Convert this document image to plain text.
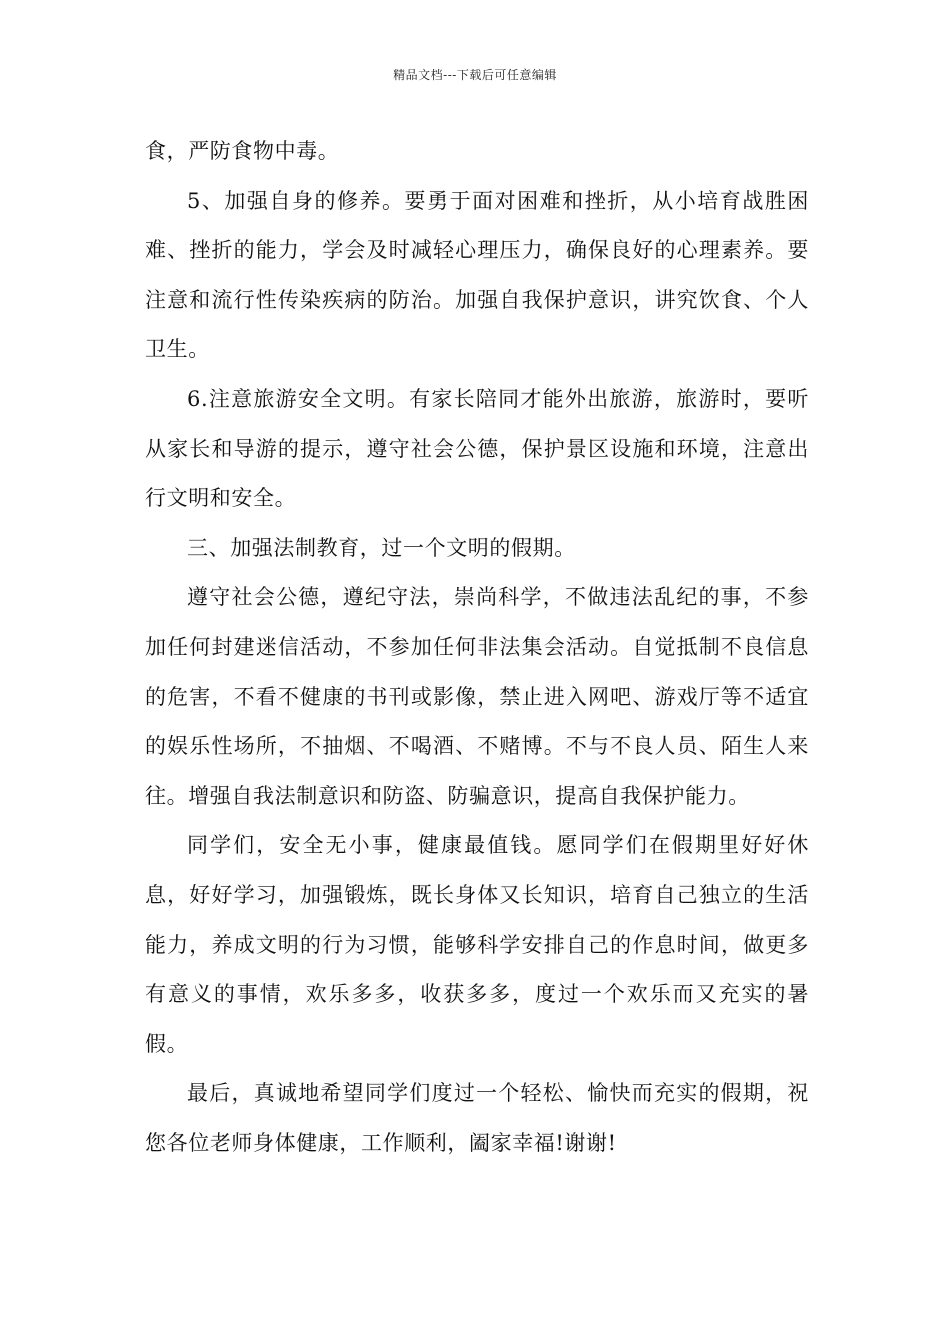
精品文档---下载后可任意编辑

食，严防食物中毒。

5、加强自身的修养。要勇于面对困难和挫折，从小培育战胜困难、挫折的能力，学会及时减轻心理压力，确保良好的心理素养。要注意和流行性传染疾病的防治。加强自我保护意识，讲究饮食、个人卫生。

6.注意旅游安全文明。有家长陪同才能外出旅游，旅游时，要听从家长和导游的提示，遵守社会公德，保护景区设施和环境，注意出行文明和安全。

三、加强法制教育，过一个文明的假期。

遵守社会公德，遵纪守法，崇尚科学，不做违法乱纪的事，不参加任何封建迷信活动，不参加任何非法集会活动。自觉抵制不良信息的危害，不看不健康的书刊或影像，禁止进入网吧、游戏厅等不适宜的娱乐性场所，不抽烟、不喝酒、不赌博。不与不良人员、陌生人来往。增强自我法制意识和防盗、防骗意识，提高自我保护能力。

同学们，安全无小事，健康最值钱。愿同学们在假期里好好休息，好好学习，加强锻炼，既长身体又长知识，培育自己独立的生活能力，养成文明的行为习惯，能够科学安排自己的作息时间，做更多有意义的事情，欢乐多多，收获多多，度过一个欢乐而又充实的暑假。

最后，真诚地希望同学们度过一个轻松、愉快而充实的假期，祝您各位老师身体健康，工作顺利，阖家幸福!谢谢!
